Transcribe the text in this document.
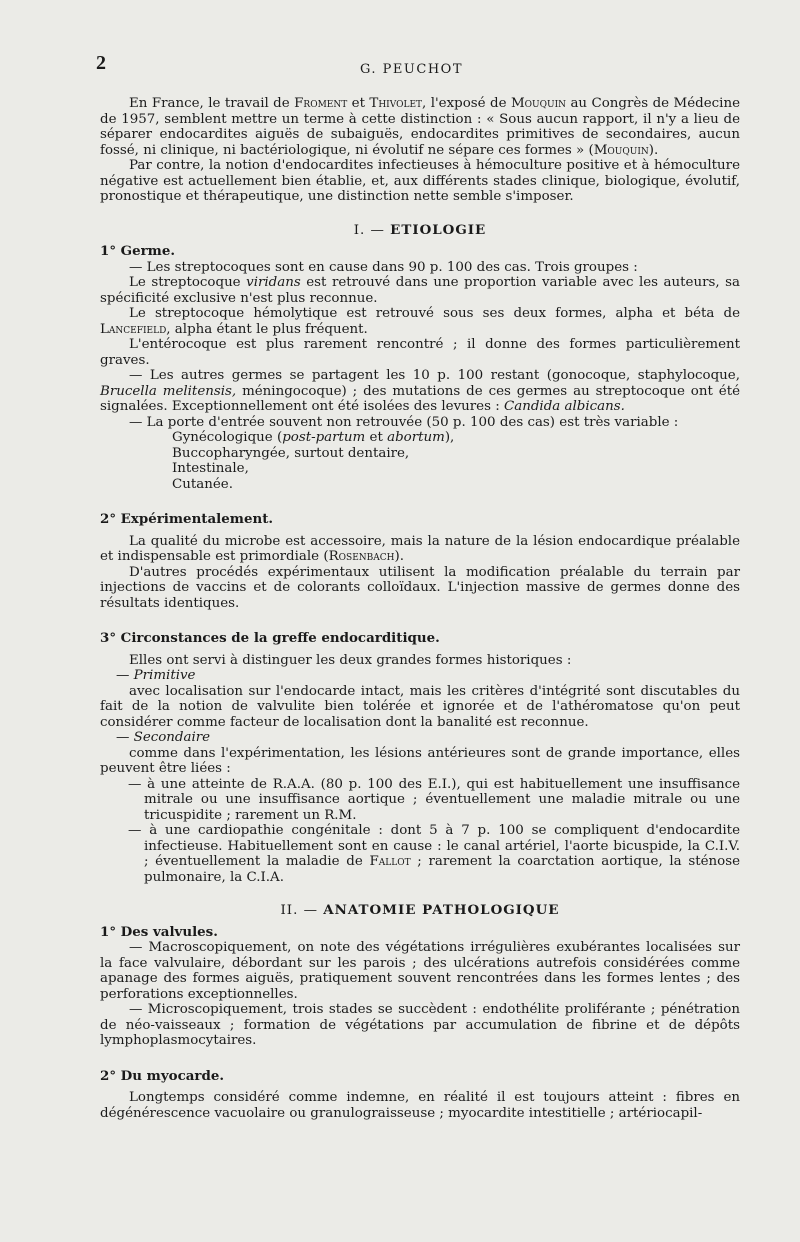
2	G. PEUCHOT

En France, le travail de Froment et Thivolet, l'exposé de Mouquin au Congrès de Médecine de 1957, semblent mettre un terme à cette distinction : « Sous aucun rapport, il n'y a lieu de séparer endocardites aiguës de subaiguës, endocardites primitives de secondaires, aucun fossé, ni clinique, ni bactériologique, ni évolutif ne sépare ces formes » (Mouquin).

Par contre, la notion d'endocardites infectieuses à hémoculture positive et à hémoculture négative est actuellement bien établie, et, aux différents stades clinique, biologique, évolutif, pronostique et thérapeutique, une distinction nette semble s'imposer.

I. — ETIOLOGIE

1° Germe.

— Les streptocoques sont en cause dans 90 p. 100 des cas. Trois groupes :

Le streptocoque viridans est retrouvé dans une proportion variable avec les auteurs, sa spécificité exclusive n'est plus reconnue.

Le streptocoque hémolytique est retrouvé sous ses deux formes, alpha et béta de Lancefield, alpha étant le plus fréquent.

L'entérocoque est plus rarement rencontré ; il donne des formes particulièrement graves.

— Les autres germes se partagent les 10 p. 100 restant (gonocoque, staphylocoque, Brucella melitensis, méningocoque) ; des mutations de ces germes au streptocoque ont été signalées. Exceptionnellement ont été isolées des levures : Candida albicans.

— La porte d'entrée souvent non retrouvée (50 p. 100 des cas) est très variable :

Gynécologique (post-partum et abortum),
Buccopharyngée, surtout dentaire,
Intestinale,
Cutanée.

2° Expérimentalement.

La qualité du microbe est accessoire, mais la nature de la lésion endocardique préalable et indispensable est primordiale (Rosenbach).

D'autres procédés expérimentaux utilisent la modification préalable du terrain par injections de vaccins et de colorants colloïdaux. L'injection massive de germes donne des résultats identiques.

3° Circonstances de la greffe endocarditique.

Elles ont servi à distinguer les deux grandes formes historiques :

— Primitive

avec localisation sur l'endocarde intact, mais les critères d'intégrité sont discutables du fait de la notion de valvulite bien tolérée et ignorée et de l'athéromatose qu'on peut considérer comme facteur de localisation dont la banalité est reconnue.

— Secondaire

comme dans l'expérimentation, les lésions antérieures sont de grande importance, elles peuvent être liées :

— à une atteinte de R.A.A. (80 p. 100 des E.I.), qui est habituellement une insuffisance mitrale ou une insuffisance aortique ; éventuellement une maladie mitrale ou une tricuspidite ; rarement un R.M.

— à une cardiopathie congénitale : dont 5 à 7 p. 100 se compliquent d'endocardite infectieuse. Habituellement sont en cause : le canal artériel, l'aorte bicuspide, la C.I.V. ; éventuellement la maladie de Fallot ; rarement la coarctation aortique, la sténose pulmonaire, la C.I.A.

II. — ANATOMIE PATHOLOGIQUE

1° Des valvules.

— Macroscopiquement, on note des végétations irrégulières exubérantes localisées sur la face valvulaire, débordant sur les parois ; des ulcérations autrefois considérées comme apanage des formes aiguës, pratiquement souvent rencontrées dans les formes lentes ; des perforations exceptionnelles.

— Microscopiquement, trois stades se succèdent : endothélite proliférante ; pénétration de néo-vaisseaux ; formation de végétations par accumulation de fibrine et de dépôts lymphoplasmocytaires.

2° Du myocarde.

Longtemps considéré comme indemne, en réalité il est toujours atteint : fibres en dégénérescence vacuolaire ou granulograisseuse ; myocardite intestitielle ; artériocapil-
